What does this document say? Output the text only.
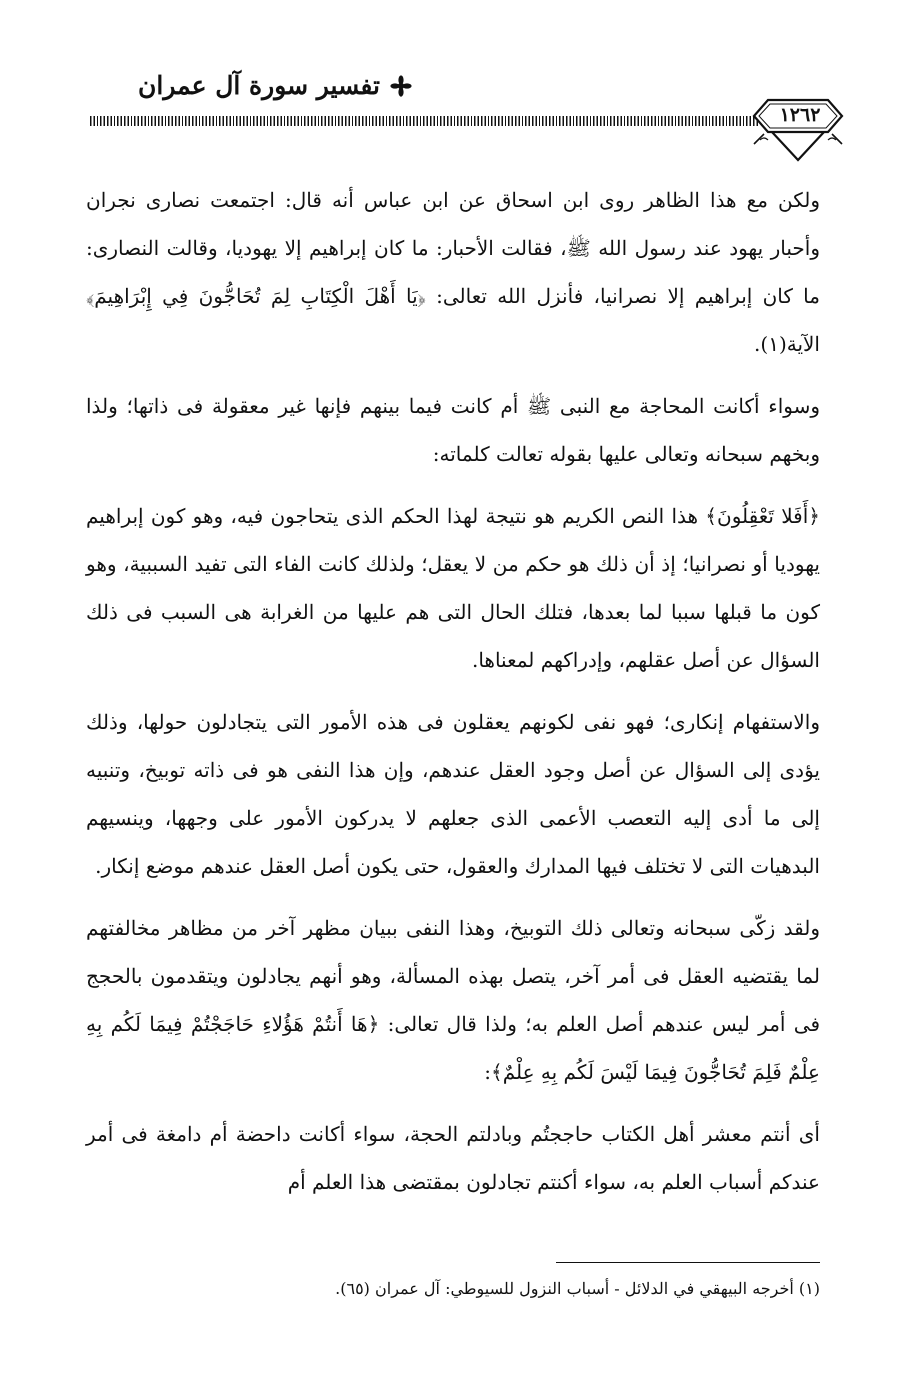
تفسير سورة آل عمران
١٢٦٢

ولكن مع هذا الظاهر روى ابن اسحاق عن ابن عباس أنه قال: اجتمعت نصارى نجران وأحبار يهود عند رسول الله ﷺ، فقالت الأحبار: ما كان إبراهيم إلا يهوديا، وقالت النصارى: ما كان إبراهيم إلا نصرانيا، فأنزل الله تعالى: ﴿يَا أَهْلَ الْكِتَابِ لِمَ تُحَاجُّونَ فِي إِبْرَاهِيمَ﴾ الآية(١).

وسواء أكانت المحاجة مع النبى ﷺ أم كانت فيما بينهم فإنها غير معقولة فى ذاتها؛ ولذا وبخهم سبحانه وتعالى عليها بقوله تعالت كلماته:

﴿أَفَلا تَعْقِلُونَ﴾ هذا النص الكريم هو نتيجة لهذا الحكم الذى يتحاجون فيه، وهو كون إبراهيم يهوديا أو نصرانيا؛ إذ أن ذلك هو حكم من لا يعقل؛ ولذلك كانت الفاء التى تفيد السببية، وهو كون ما قبلها سببا لما بعدها، فتلك الحال التى هم عليها من الغرابة هى السبب فى ذلك السؤال عن أصل عقلهم، وإدراكهم لمعناها.

والاستفهام إنكارى؛ فهو نفى لكونهم يعقلون فى هذه الأمور التى يتجادلون حولها، وذلك يؤدى إلى السؤال عن أصل وجود العقل عندهم، وإن هذا النفى هو فى ذاته توبيخ، وتنبيه إلى ما أدى إليه التعصب الأعمى الذى جعلهم لا يدركون الأمور على وجهها، وينسيهم البدهيات التى لا تختلف فيها المدارك والعقول، حتى يكون أصل العقل عندهم موضع إنكار.

ولقد زكّى سبحانه وتعالى ذلك التوبيخ، وهذا النفى ببيان مظهر آخر من مظاهر مخالفتهم لما يقتضيه العقل فى أمر آخر، يتصل بهذه المسألة، وهو أنهم يجادلون ويتقدمون بالحجج فى أمر ليس عندهم أصل العلم به؛ ولذا قال تعالى: ﴿هَا أَنتُمْ هَؤُلاءِ حَاجَجْتُمْ فِيمَا لَكُم بِهِ عِلْمٌ فَلِمَ تُحَاجُّونَ فِيمَا لَيْسَ لَكُم بِهِ عِلْمٌ﴾:

أى أنتم معشر أهل الكتاب حاججتُم وبادلتم الحجة، سواء أكانت داحضة أم دامغة فى أمر عندكم أسباب العلم به، سواء أكنتم تجادلون بمقتضى هذا العلم أم

(١) أخرجه البيهقي في الدلائل - أسباب النزول للسيوطي: آل عمران (٦٥).
